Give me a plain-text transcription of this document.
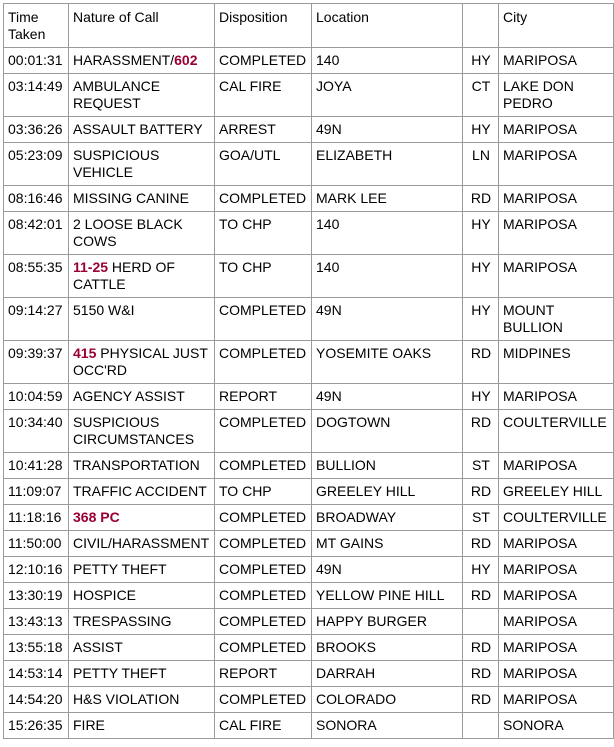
Time Taken	Nature of Call	Disposition	Location		City
00:01:31	HARASSMENT/602	COMPLETED	140	HY	MARIPOSA
03:14:49	AMBULANCE REQUEST	CAL FIRE	JOYA	CT	LAKE DON PEDRO
03:36:26	ASSAULT BATTERY	ARREST	49N	HY	MARIPOSA
05:23:09	SUSPICIOUS VEHICLE	GOA/UTL	ELIZABETH	LN	MARIPOSA
08:16:46	MISSING CANINE	COMPLETED	MARK LEE	RD	MARIPOSA
08:42:01	2 LOOSE BLACK COWS	TO CHP	140	HY	MARIPOSA
08:55:35	11-25 HERD OF CATTLE	TO CHP	140	HY	MARIPOSA
09:14:27	5150 W&I	COMPLETED	49N	HY	MOUNT BULLION
09:39:37	415 PHYSICAL JUST OCC'RD	COMPLETED	YOSEMITE OAKS	RD	MIDPINES
10:04:59	AGENCY ASSIST	REPORT	49N	HY	MARIPOSA
10:34:40	SUSPICIOUS CIRCUMSTANCES	COMPLETED	DOGTOWN	RD	COULTERVILLE
10:41:28	TRANSPORTATION	COMPLETED	BULLION	ST	MARIPOSA
11:09:07	TRAFFIC ACCIDENT	TO CHP	GREELEY HILL	RD	GREELEY HILL
11:18:16	368 PC	COMPLETED	BROADWAY	ST	COULTERVILLE
11:50:00	CIVIL/HARASSMENT	COMPLETED	MT GAINS	RD	MARIPOSA
12:10:16	PETTY THEFT	COMPLETED	49N	HY	MARIPOSA
13:30:19	HOSPICE	COMPLETED	YELLOW PINE HILL	RD	MARIPOSA
13:43:13	TRESPASSING	COMPLETED	HAPPY BURGER		MARIPOSA
13:55:18	ASSIST	COMPLETED	BROOKS	RD	MARIPOSA
14:53:14	PETTY THEFT	REPORT	DARRAH	RD	MARIPOSA
14:54:20	H&S VIOLATION	COMPLETED	COLORADO	RD	MARIPOSA
15:26:35	FIRE	CAL FIRE	SONORA		SONORA
